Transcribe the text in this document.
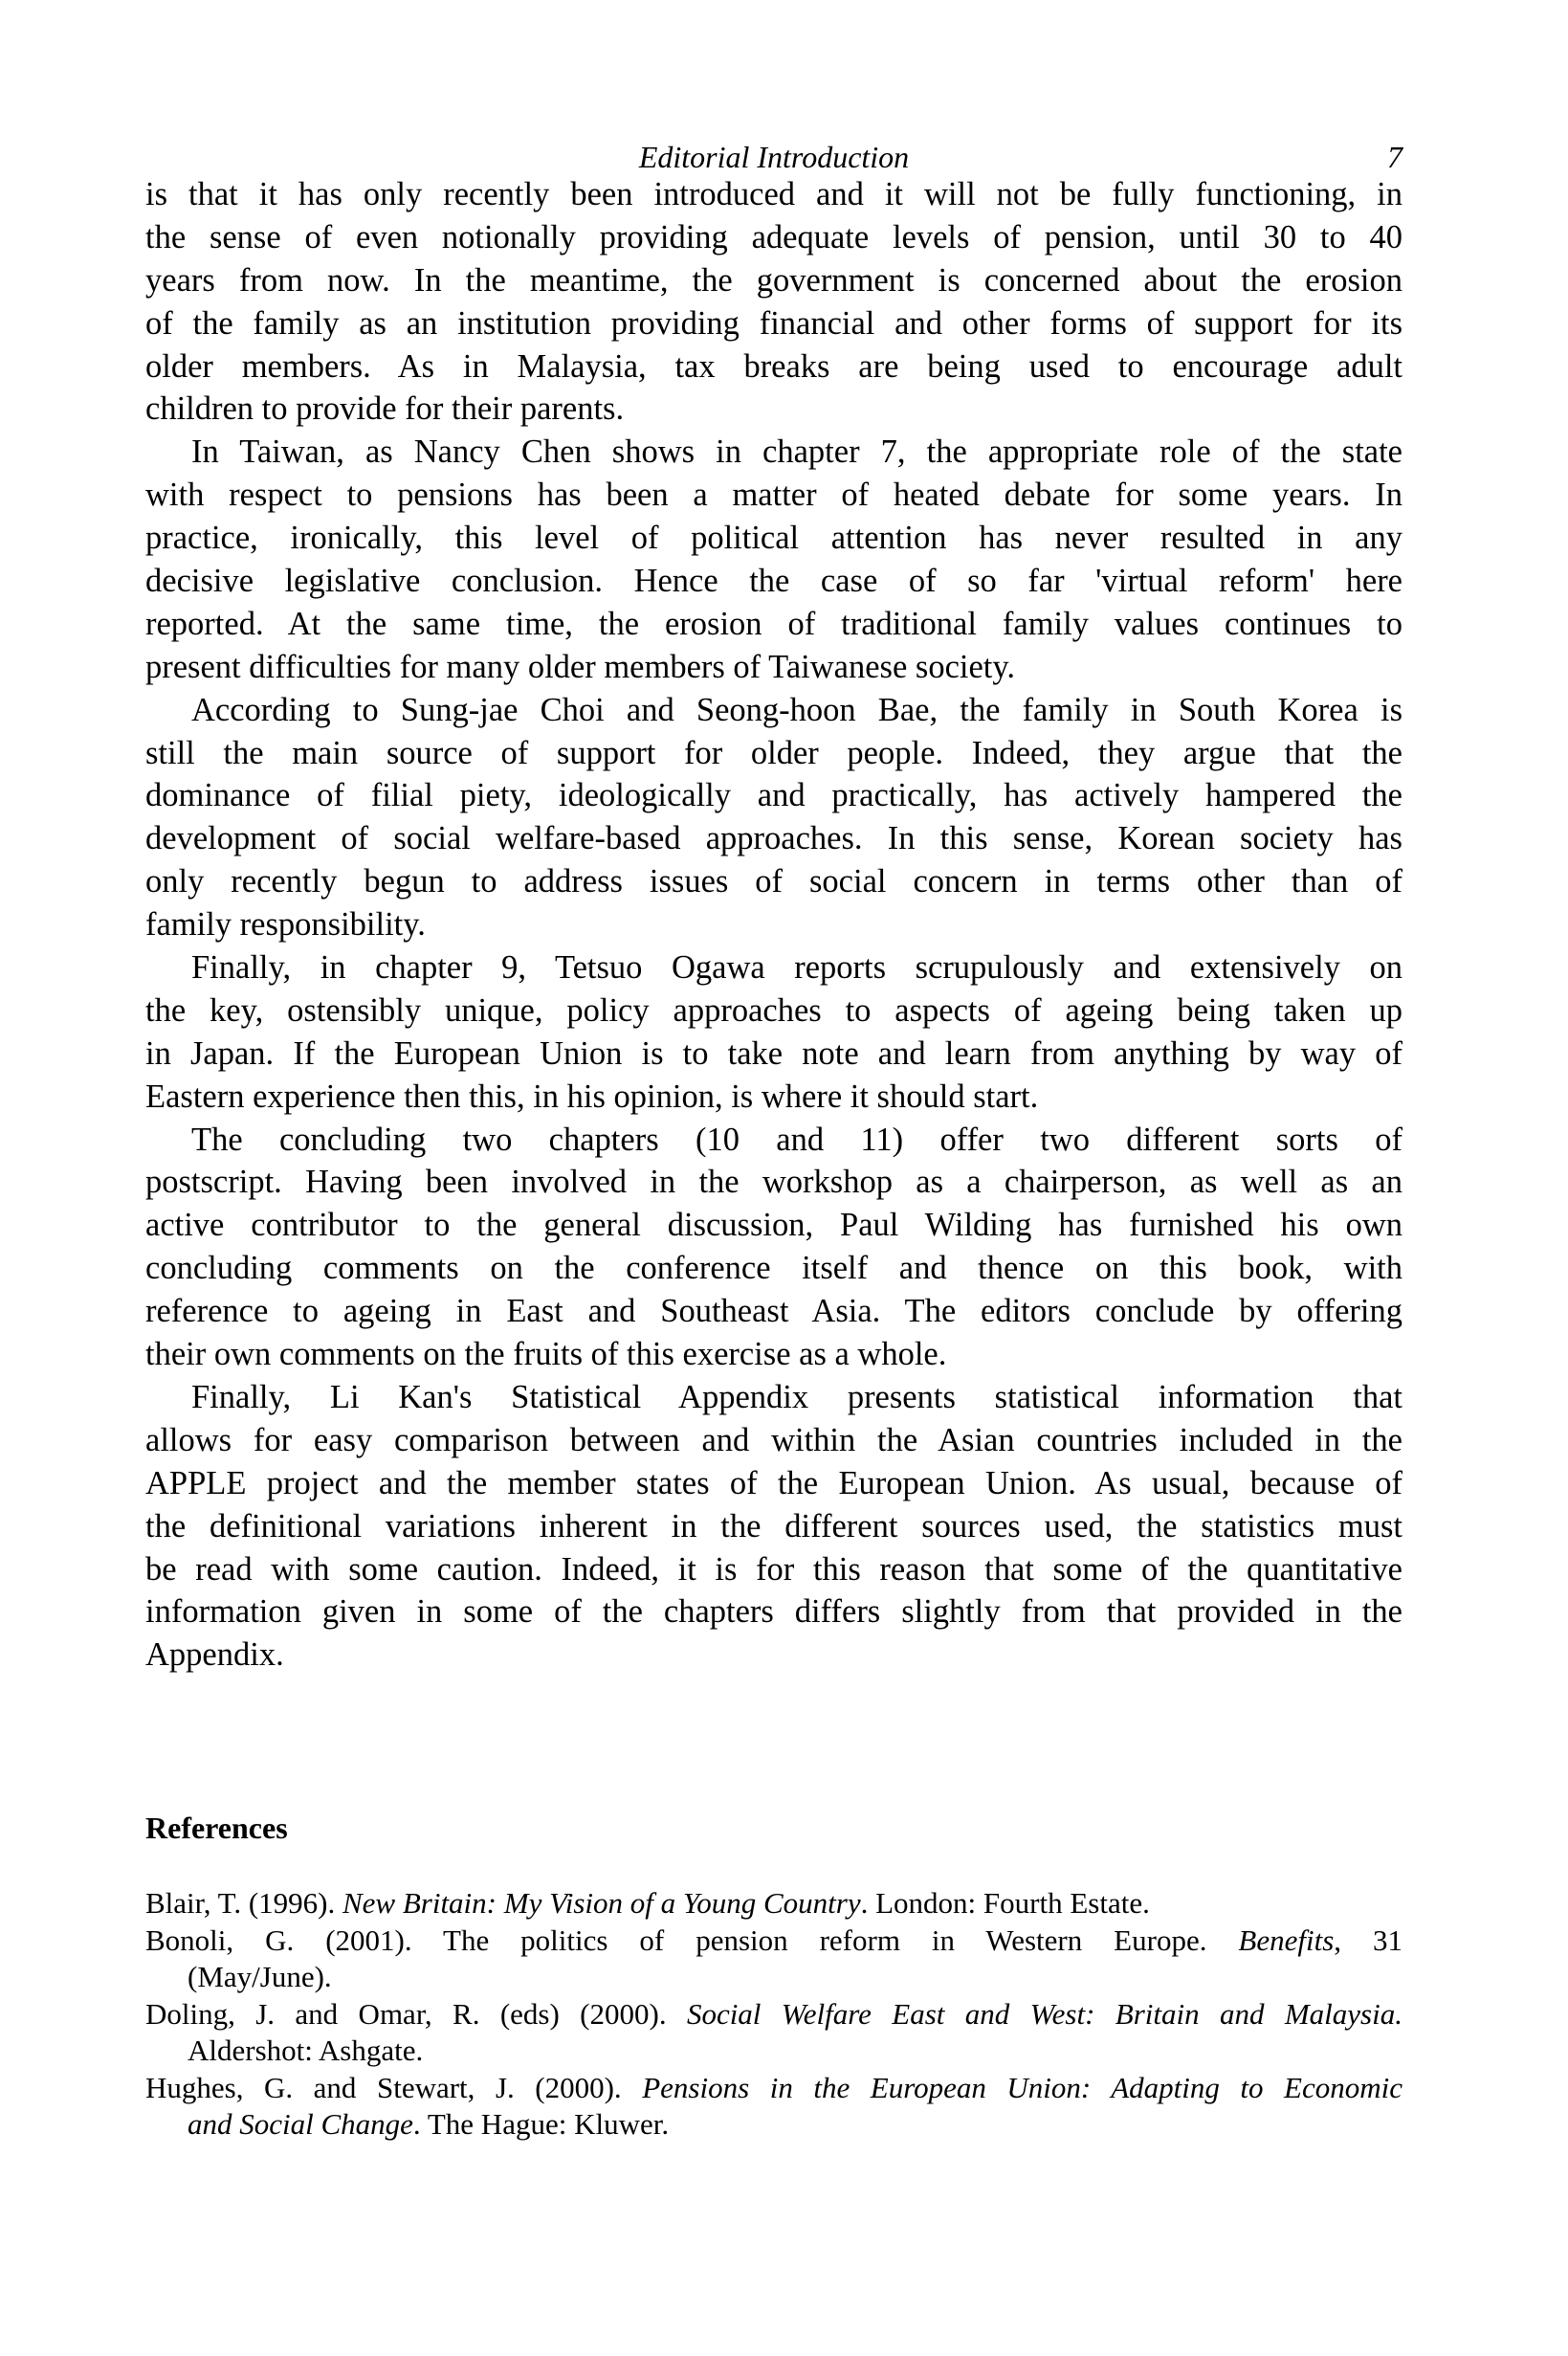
Editorial Introduction	7
is that it has only recently been introduced and it will not be fully functioning, in
the sense of even notionally providing adequate levels of pension, until 30 to 40
years from now. In the meantime, the government is concerned about the erosion
of the family as an institution providing financial and other forms of support for its
older members. As in Malaysia, tax breaks are being used to encourage adult
children to provide for their parents.
In Taiwan, as Nancy Chen shows in chapter 7, the appropriate role of the state
with respect to pensions has been a matter of heated debate for some years. In
practice, ironically, this level of political attention has never resulted in any
decisive legislative conclusion. Hence the case of so far 'virtual reform' here
reported. At the same time, the erosion of traditional family values continues to
present difficulties for many older members of Taiwanese society.
According to Sung-jae Choi and Seong-hoon Bae, the family in South Korea is
still the main source of support for older people. Indeed, they argue that the
dominance of filial piety, ideologically and practically, has actively hampered the
development of social welfare-based approaches. In this sense, Korean society has
only recently begun to address issues of social concern in terms other than of
family responsibility.
Finally, in chapter 9, Tetsuo Ogawa reports scrupulously and extensively on
the key, ostensibly unique, policy approaches to aspects of ageing being taken up
in Japan. If the European Union is to take note and learn from anything by way of
Eastern experience then this, in his opinion, is where it should start.
The concluding two chapters (10 and 11) offer two different sorts of
postscript. Having been involved in the workshop as a chairperson, as well as an
active contributor to the general discussion, Paul Wilding has furnished his own
concluding comments on the conference itself and thence on this book, with
reference to ageing in East and Southeast Asia. The editors conclude by offering
their own comments on the fruits of this exercise as a whole.
Finally, Li Kan's Statistical Appendix presents statistical information that
allows for easy comparison between and within the Asian countries included in the
APPLE project and the member states of the European Union. As usual, because of
the definitional variations inherent in the different sources used, the statistics must
be read with some caution. Indeed, it is for this reason that some of the quantitative
information given in some of the chapters differs slightly from that provided in the
Appendix.
References
Blair, T. (1996). New Britain: My Vision of a Young Country. London: Fourth Estate.
Bonoli, G. (2001). The politics of pension reform in Western Europe. Benefits, 31
(May/June).
Doling, J. and Omar, R. (eds) (2000). Social Welfare East and West: Britain and Malaysia.
Aldershot: Ashgate.
Hughes, G. and Stewart, J. (2000). Pensions in the European Union: Adapting to Economic
and Social Change. The Hague: Kluwer.
